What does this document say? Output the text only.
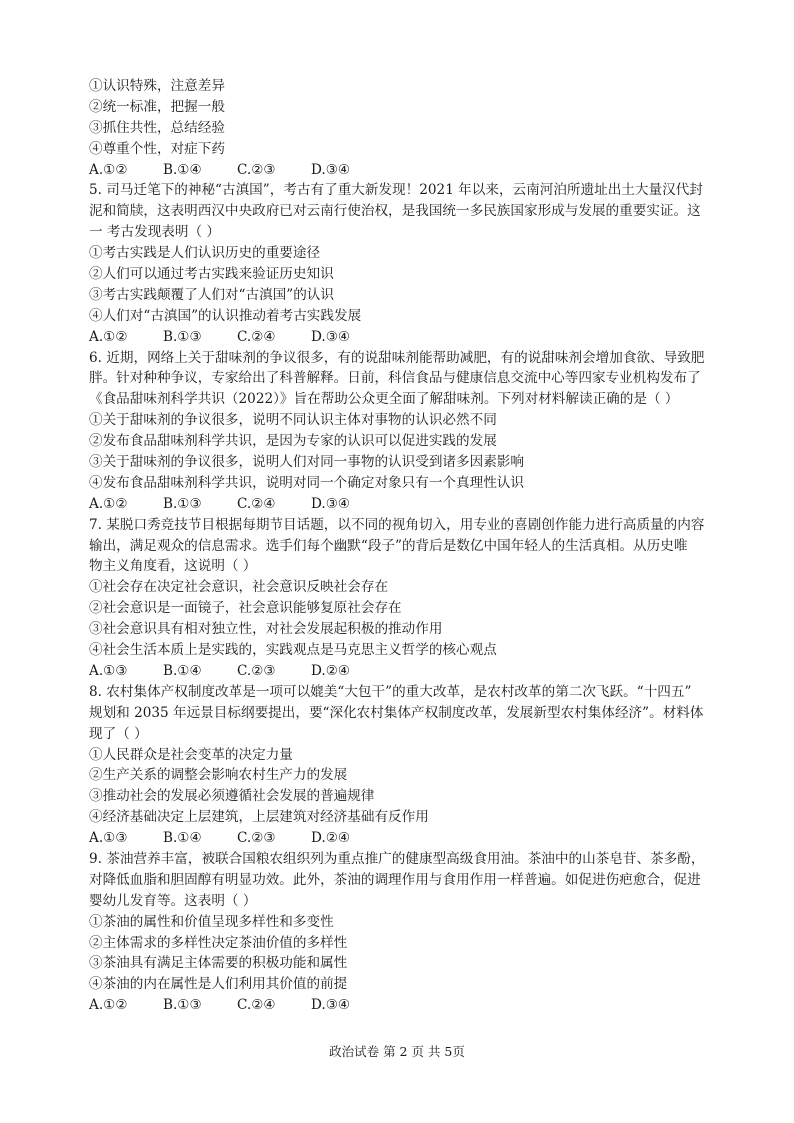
①认识特殊，注意差异
②统一标准，把握一般
③抓住共性，总结经验
④尊重个性，对症下药
A.①②	B.①④	C.②③	D.③④
5. 司马迁笔下的神秘“古滇国”，考古有了重大新发现！2021 年以来，云南河泊所遗址出土大量汉代封
泥和简牍，这表明西汉中央政府已对云南行使治权，是我国统一多民族国家形成与发展的重要实证。这
一 考古发现表明（ ）
①考古实践是人们认识历史的重要途径
②人们可以通过考古实践来验证历史知识
③考古实践颠覆了人们对“古滇国”的认识
④人们对“古滇国”的认识推动着考古实践发展
A.①②	B.①③	C.②④	D.③④
6. 近期，网络上关于甜味剂的争议很多，有的说甜味剂能帮助减肥，有的说甜味剂会增加食欲、导致肥
胖。针对种种争议，专家给出了科普解释。日前，科信食品与健康信息交流中心等四家专业机构发布了
《食品甜味剂科学共识（2022）》旨在帮助公众更全面了解甜味剂。下列对材料解读正确的是（ ）
①关于甜味剂的争议很多，说明不同认识主体对事物的认识必然不同
②发布食品甜味剂科学共识，是因为专家的认识可以促进实践的发展
③关于甜味剂的争议很多，说明人们对同一事物的认识受到诸多因素影响
④发布食品甜味剂科学共识，说明对同一个确定对象只有一个真理性认识
A.①②	B.①③	C.②④	D.③④
7. 某脱口秀竞技节目根据每期节目话题，以不同的视角切入，用专业的喜剧创作能力进行高质量的内容
输出，满足观众的信息需求。选手们每个幽默“段子”的背后是数亿中国年轻人的生活真相。从历史唯
物主义角度看，这说明（ ）
①社会存在决定社会意识，社会意识反映社会存在
②社会意识是一面镜子，社会意识能够复原社会存在
③社会意识具有相对独立性，对社会发展起积极的推动作用
④社会生活本质上是实践的，实践观点是马克思主义哲学的核心观点
A.①③	B.①④	C.②③	D.②④
8. 农村集体产权制度改革是一项可以媲美“大包干”的重大改革，是农村改革的第二次飞跃。“十四五”
规划和 2035 年远景目标纲要提出，要“深化农村集体产权制度改革，发展新型农村集体经济”。材料体
现了（ ）
①人民群众是社会变革的决定力量
②生产关系的调整会影响农村生产力的发展
③推动社会的发展必须遵循社会发展的普遍规律
④经济基础决定上层建筑，上层建筑对经济基础有反作用
A.①③	B.①④	C.②③	D.②④
9. 茶油营养丰富，被联合国粮农组织列为重点推广的健康型高级食用油。茶油中的山茶皂苷、茶多酚，
对降低血脂和胆固醇有明显功效。此外，茶油的调理作用与食用作用一样普遍。如促进伤疤愈合，促进
婴幼儿发育等。这表明（ ）
①茶油的属性和价值呈现多样性和多变性
②主体需求的多样性决定茶油价值的多样性
③茶油具有满足主体需要的积极功能和属性
④茶油的内在属性是人们利用其价值的前提
A.①②	B.①③	C.②④	D.③④
政治试卷 第 2 页 共 5页
